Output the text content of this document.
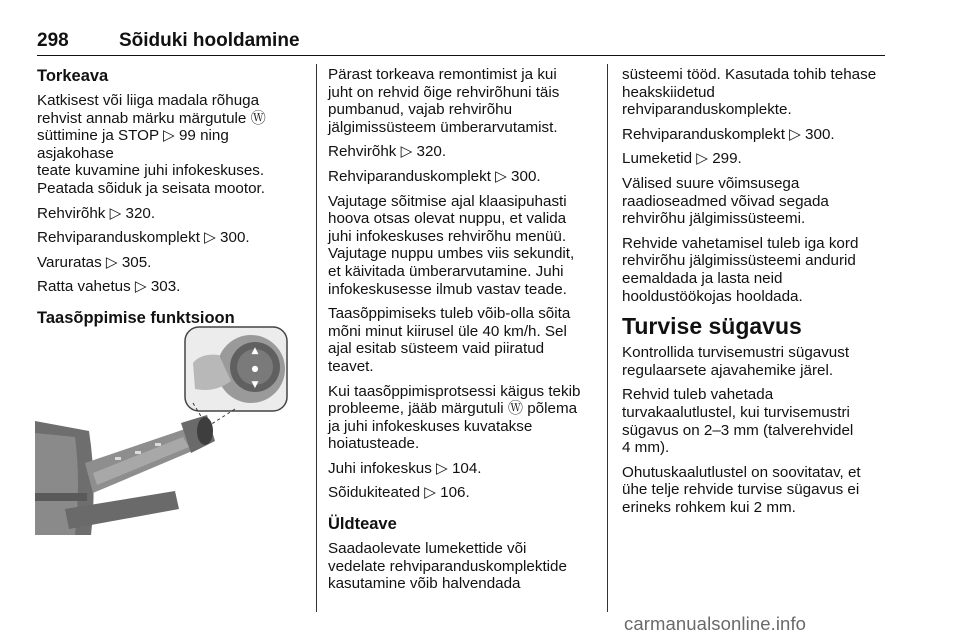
298	Sõiduki hooldamine
Torkeava

Katkisest või liiga madala rõhuga
rehvist annab märku märgutule Ⓦ
süttimine ja STOP ▷ 99 ning asjakohase
teate kuvamine juhi infokeskuses.
Peatada sõiduk ja seisata mootor.

Rehvirõhk ▷ 320.

Rehviparanduskomplekt ▷ 300.

Varuratas ▷ 305.

Ratta vahetus ▷ 303.

Taasõppimise funktsioon
▲
●
▼

Pärast torkeava remontimist ja kui
juht on rehvid õige rehvirõhuni täis
pumbanud, vajab rehvirõhu
jälgimissüsteem ümberarvutamist.

Rehvirõhk ▷ 320.

Rehviparanduskomplekt ▷ 300.

Vajutage sõitmise ajal klaasipuhasti
hoova otsas olevat nuppu, et valida
juhi infokeskuses rehvirõhu menüü.
Vajutage nuppu umbes viis sekundit,
et käivitada ümberarvutamine. Juhi
infokeskusesse ilmub vastav teade.

Taasõppimiseks tuleb võib-olla sõita
mõni minut kiirusel üle 40 km/h. Sel
ajal esitab süsteem vaid piiratud
teavet.

Kui taasõppimisprotsessi käigus tekib
probleeme, jääb märgutuli Ⓦ põlema
ja juhi infokeskuses kuvatakse
hoiatusteade.

Juhi infokeskus ▷ 104.

Sõidukiteated ▷ 106.

Üldteave

Saadaolevate lumekettide või
vedelate rehviparanduskomplektide
kasutamine võib halvendada

süsteemi tööd. Kasutada tohib tehase
heakskiidetud
rehviparanduskomplekte.

Rehviparanduskomplekt ▷ 300.

Lumeketid ▷ 299.

Välised suure võimsusega
raadioseadmed võivad segada
rehvirõhu jälgimissüsteemi.

Rehvide vahetamisel tuleb iga kord
rehvirõhu jälgimissüsteemi andurid
eemaldada ja lasta neid
hooldustöökojas hooldada.

Turvise sügavus

Kontrollida turvisemustri sügavust
regulaarsete ajavahemike järel.

Rehvid tuleb vahetada
turvakaalutlustel, kui turvisemustri
sügavus on 2–3 mm (talverehvidel
4 mm).

Ohutuskaalutlustel on soovitatav, et
ühe telje rehvide turvise sügavus ei
erineks rohkem kui 2 mm.

carmanualsonline.info
